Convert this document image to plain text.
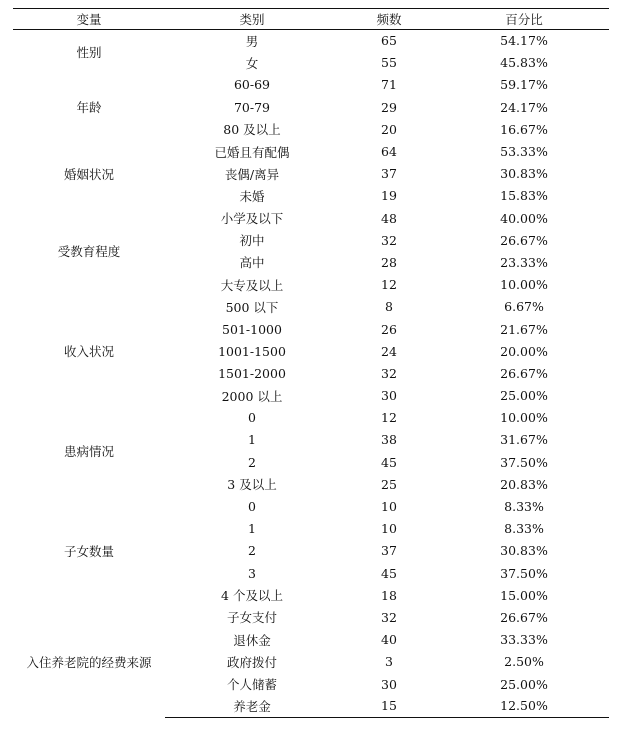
变量	类别	频数	百分比
性别	男	65	54.17%
	女	55	45.83%
年龄	60-69	71	59.17%
	70-79	29	24.17%
	80 及以上	20	16.67%
婚姻状况	已婚且有配偶	64	53.33%
	丧偶/离异	37	30.83%
	未婚	19	15.83%
受教育程度	小学及以下	48	40.00%
	初中	32	26.67%
	高中	28	23.33%
	大专及以上	12	10.00%
收入状况	500 以下	8	6.67%
	501-1000	26	21.67%
	1001-1500	24	20.00%
	1501-2000	32	26.67%
	2000 以上	30	25.00%
患病情况	0	12	10.00%
	1	38	31.67%
	2	45	37.50%
	3 及以上	25	20.83%
子女数量	0	10	8.33%
	1	10	8.33%
	2	37	30.83%
	3	45	37.50%
	4 个及以上	18	15.00%
入住养老院的经费来源	子女支付	32	26.67%
	退休金	40	33.33%
	政府拨付	3	2.50%
	个人储蓄	30	25.00%
	养老金	15	12.50%
